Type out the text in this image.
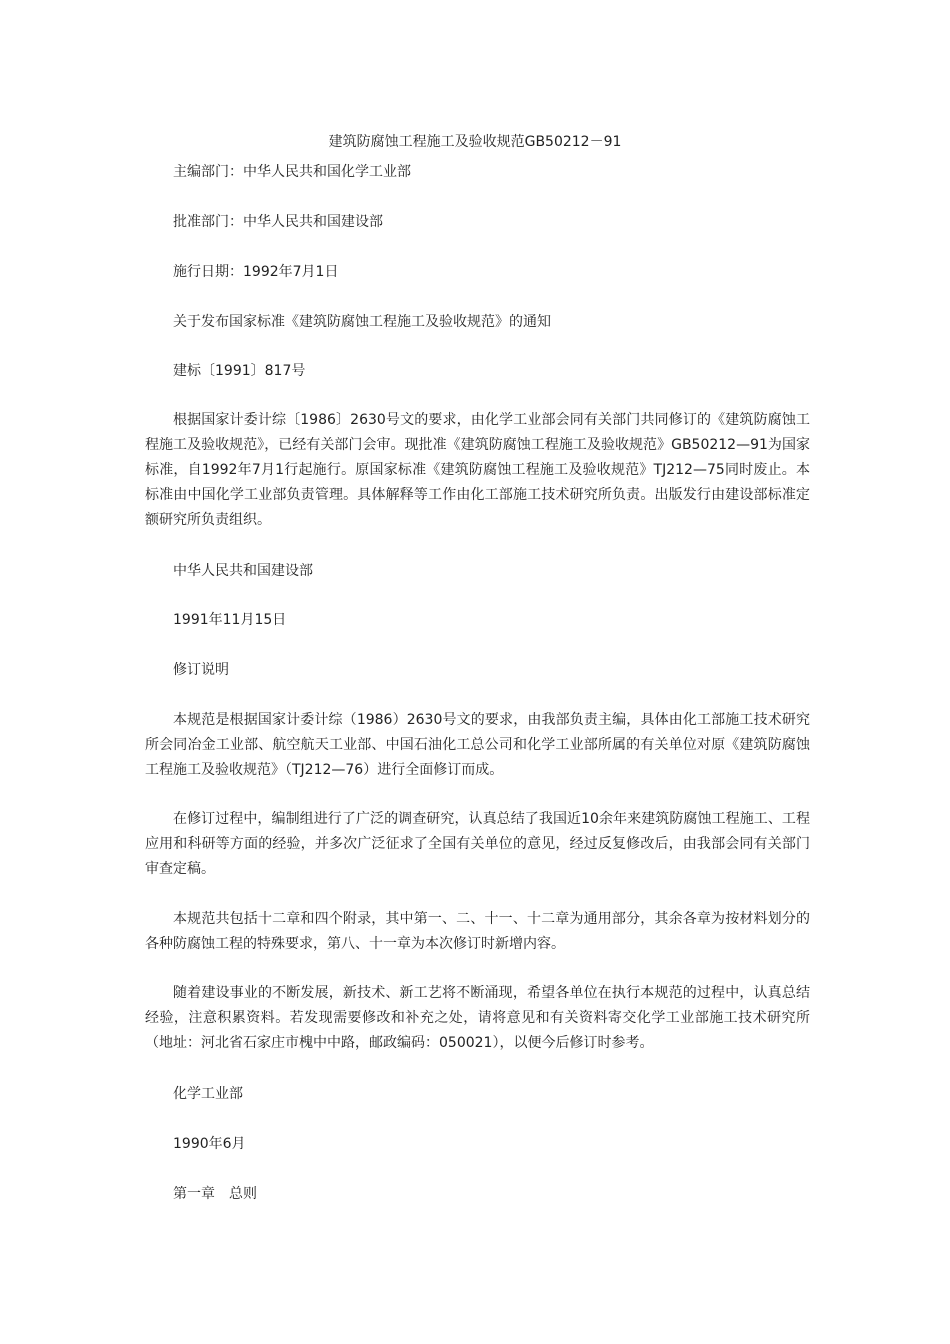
建筑防腐蚀工程施工及验收规范GB50212－91
主编部门：中华人民共和国化学工业部
批准部门：中华人民共和国建设部
施行日期：1992年7月1日
关于发布国家标准《建筑防腐蚀工程施工及验收规范》的通知
建标〔1991〕817号
根据国家计委计综〔1986〕2630号文的要求，由化学工业部会同有关部门共同修订的《建筑防腐蚀工程施工及验收规范》，已经有关部门会审。现批准《建筑防腐蚀工程施工及验收规范》GB50212—91为国家标准，自1992年7月1行起施行。原国家标准《建筑防腐蚀工程施工及验收规范》TJ212—75同时废止。本标准由中国化学工业部负责管理。具体解释等工作由化工部施工技术研究所负责。出版发行由建设部标准定额研究所负责组织。
中华人民共和国建设部
1991年11月15日
修订说明
本规范是根据国家计委计综（1986）2630号文的要求，由我部负责主编，具体由化工部施工技术研究所会同冶金工业部、航空航天工业部、中国石油化工总公司和化学工业部所属的有关单位对原《建筑防腐蚀工程施工及验收规范》（TJ212—76）进行全面修订而成。
在修订过程中，编制组进行了广泛的调查研究，认真总结了我国近10余年来建筑防腐蚀工程施工、工程应用和科研等方面的经验，并多次广泛征求了全国有关单位的意见，经过反复修改后，由我部会同有关部门审查定稿。
本规范共包括十二章和四个附录，其中第一、二、十一、十二章为通用部分，其余各章为按材料划分的各种防腐蚀工程的特殊要求，第八、十一章为本次修订时新增内容。
随着建设事业的不断发展，新技术、新工艺将不断涌现，希望各单位在执行本规范的过程中，认真总结经验，注意积累资料。若发现需要修改和补充之处，请将意见和有关资料寄交化学工业部施工技术研究所（地址：河北省石家庄市槐中中路，邮政编码：050021），以便今后修订时参考。
化学工业部
1990年6月
第一章　总则
